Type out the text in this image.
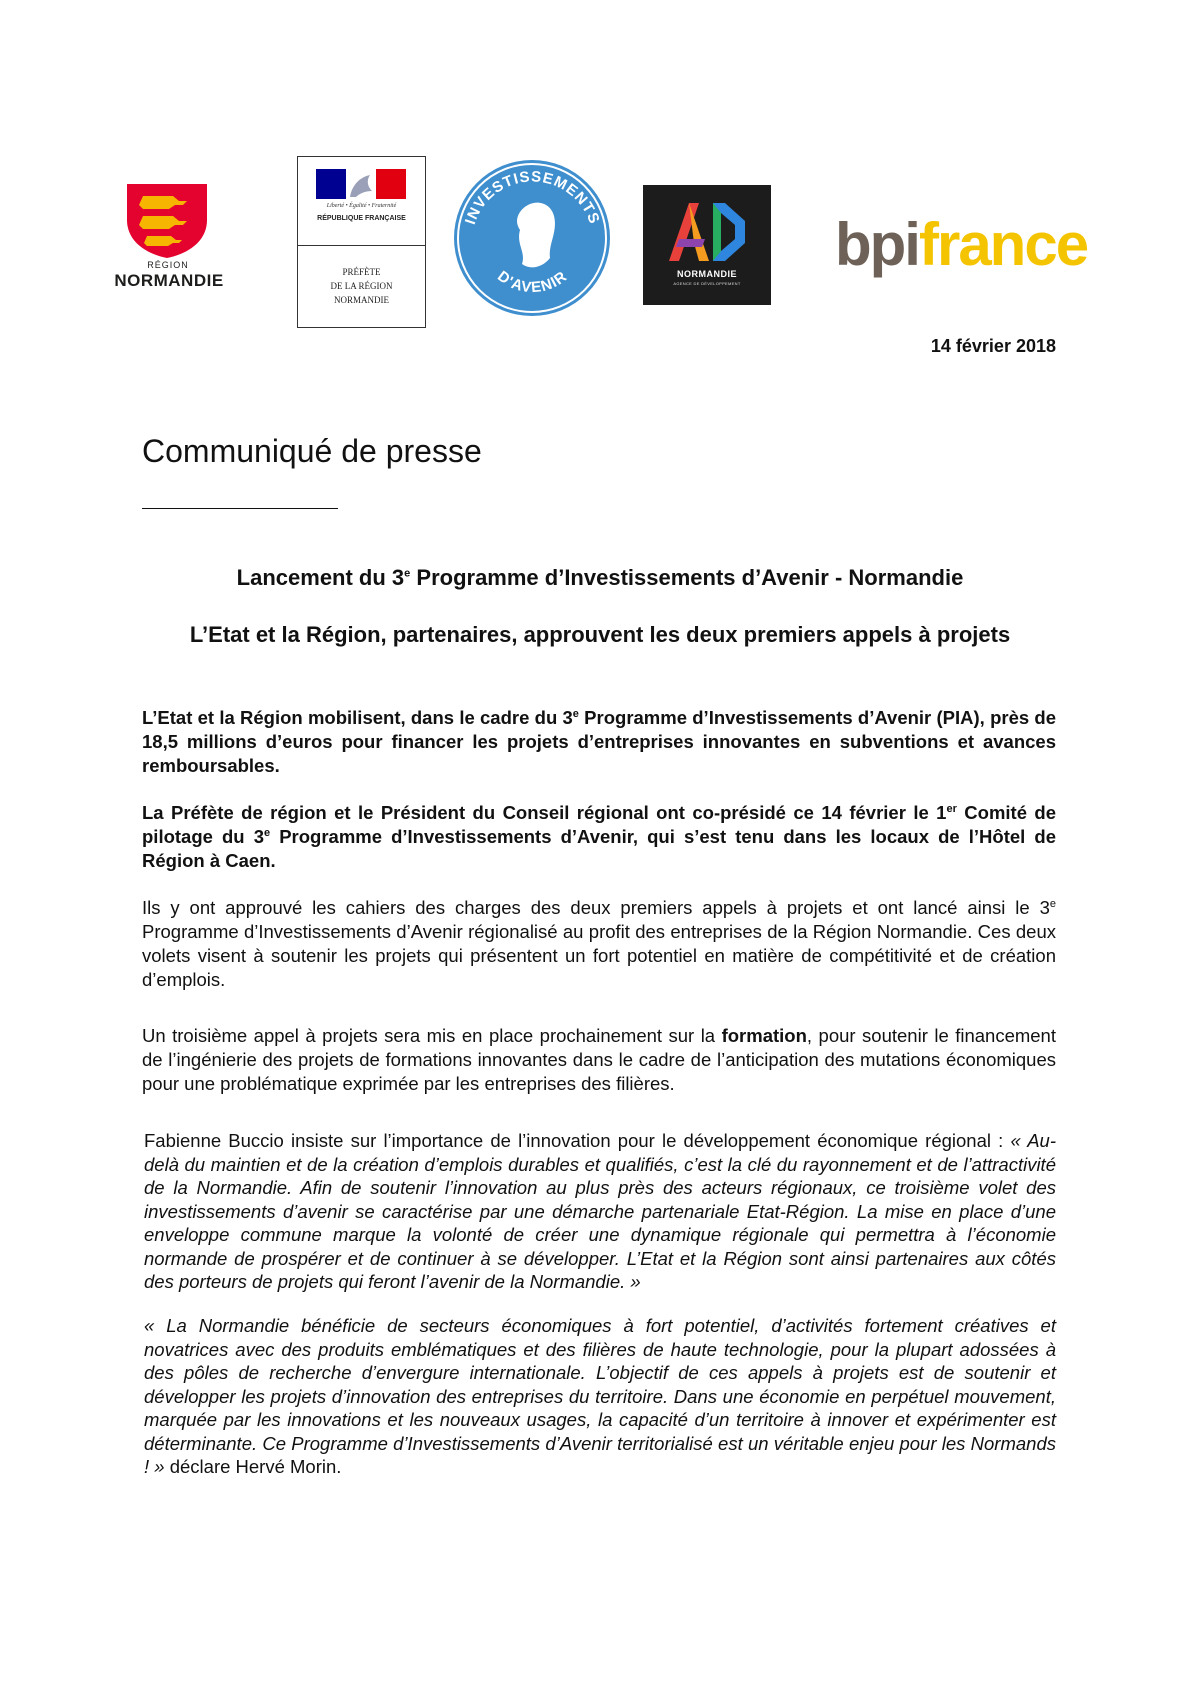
RÉGION
NORMANDIE
Liberté • Égalité • Fraternité
RÉPUBLIQUE FRANÇAISE
PRÉFÈTE
DE LA RÉGION
NORMANDIE
INVESTISSEMENTS
D'AVENIR	NORMANDIE
AGENCE DE DÉVELOPPEMENT
bpifrance
14 février 2018
Communiqué de presse
Lancement du 3e Programme d’Investissements d’Avenir - Normandie
L’Etat et la Région, partenaires, approuvent les deux premiers appels à projets
L’Etat et la Région mobilisent, dans le cadre du 3e Programme d’Investissements d’Avenir (PIA), près de 18,5 millions d’euros pour financer les projets d’entreprises innovantes en subventions et avances remboursables.
La Préfète de région et le Président du Conseil régional ont co-présidé ce 14 février le 1er Comité de pilotage du 3e Programme d’Investissements d’Avenir, qui s’est tenu dans les locaux de l’Hôtel de Région à Caen.
Ils y ont approuvé les cahiers des charges des deux premiers appels à projets et ont lancé ainsi le 3e Programme d’Investissements d’Avenir régionalisé au profit des entreprises de la Région Normandie. Ces deux volets visent à soutenir les projets qui présentent un fort potentiel en matière de compétitivité et de création d’emplois.
Un troisième appel à projets sera mis en place prochainement sur la formation, pour soutenir le financement de l’ingénierie des projets de formations innovantes dans le cadre de l’anticipation des mutations économiques pour une problématique exprimée par les entreprises des filières.
Fabienne Buccio insiste sur l’importance de l’innovation pour le développement économique régional : « Au-delà du maintien et de la création d’emplois durables et qualifiés, c’est la clé du rayonnement et de l’attractivité de la Normandie. Afin de soutenir l’innovation au plus près des acteurs régionaux, ce troisième volet des investissements d’avenir se caractérise par une démarche partenariale Etat-Région. La mise en place d’une enveloppe commune marque la volonté de créer une dynamique régionale qui permettra à l’économie normande de prospérer et de continuer à se développer. L’Etat et la Région sont ainsi partenaires aux côtés des porteurs de projets qui feront l’avenir de la Normandie. »
« La Normandie bénéficie de secteurs économiques à fort potentiel, d’activités fortement créatives et novatrices avec des produits emblématiques et des filières de haute technologie, pour la plupart adossées à des pôles de recherche d’envergure internationale. L’objectif de ces appels à projets est de soutenir et développer les projets d’innovation des entreprises du territoire. Dans une économie en perpétuel mouvement, marquée par les innovations et les nouveaux usages, la capacité d’un territoire à innover et expérimenter est déterminante. Ce Programme d’Investissements d’Avenir territorialisé est un véritable enjeu pour les Normands ! » déclare Hervé Morin.
